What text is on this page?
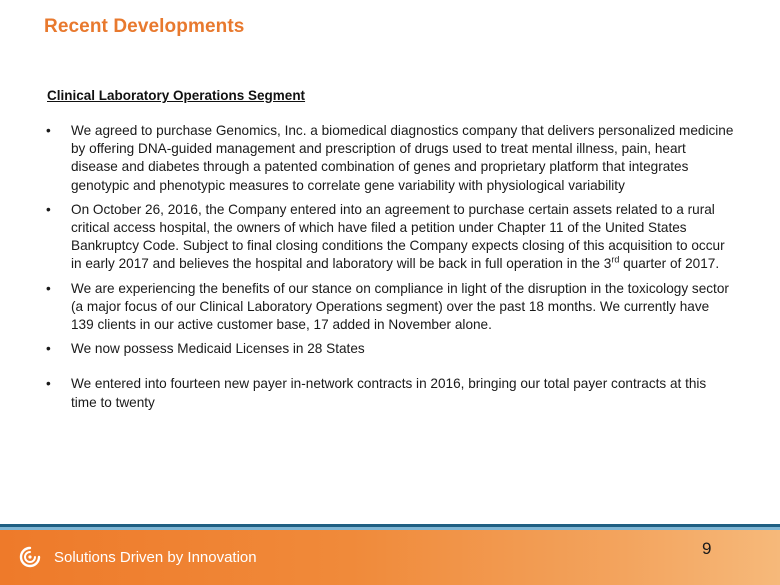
Recent Developments
Clinical Laboratory Operations Segment
• We agreed to purchase Genomics, Inc. a biomedical diagnostics company that delivers personalized medicine by offering DNA-guided management and prescription of drugs used to treat mental illness, pain, heart disease and diabetes through a patented combination of genes and proprietary platform that integrates genotypic and phenotypic measures to correlate gene variability with physiological variability
• On October 26, 2016, the Company entered into an agreement to purchase certain assets related to a rural critical access hospital, the owners of which have filed a petition under Chapter 11 of the United States Bankruptcy Code. Subject to final closing conditions the Company expects closing of this acquisition to occur in early 2017 and believes the hospital and laboratory will be back in full operation in the 3rd quarter of 2017.
• We are experiencing the benefits of our stance on compliance in light of the disruption in the toxicology sector (a major focus of our Clinical Laboratory Operations segment) over the past 18 months. We currently have 139 clients in our active customer base, 17 added in November alone.
• We now possess Medicaid Licenses in 28 States
• We entered into fourteen new payer in-network contracts in 2016, bringing our total payer contracts at this time to twenty
Solutions Driven by Innovation	9
